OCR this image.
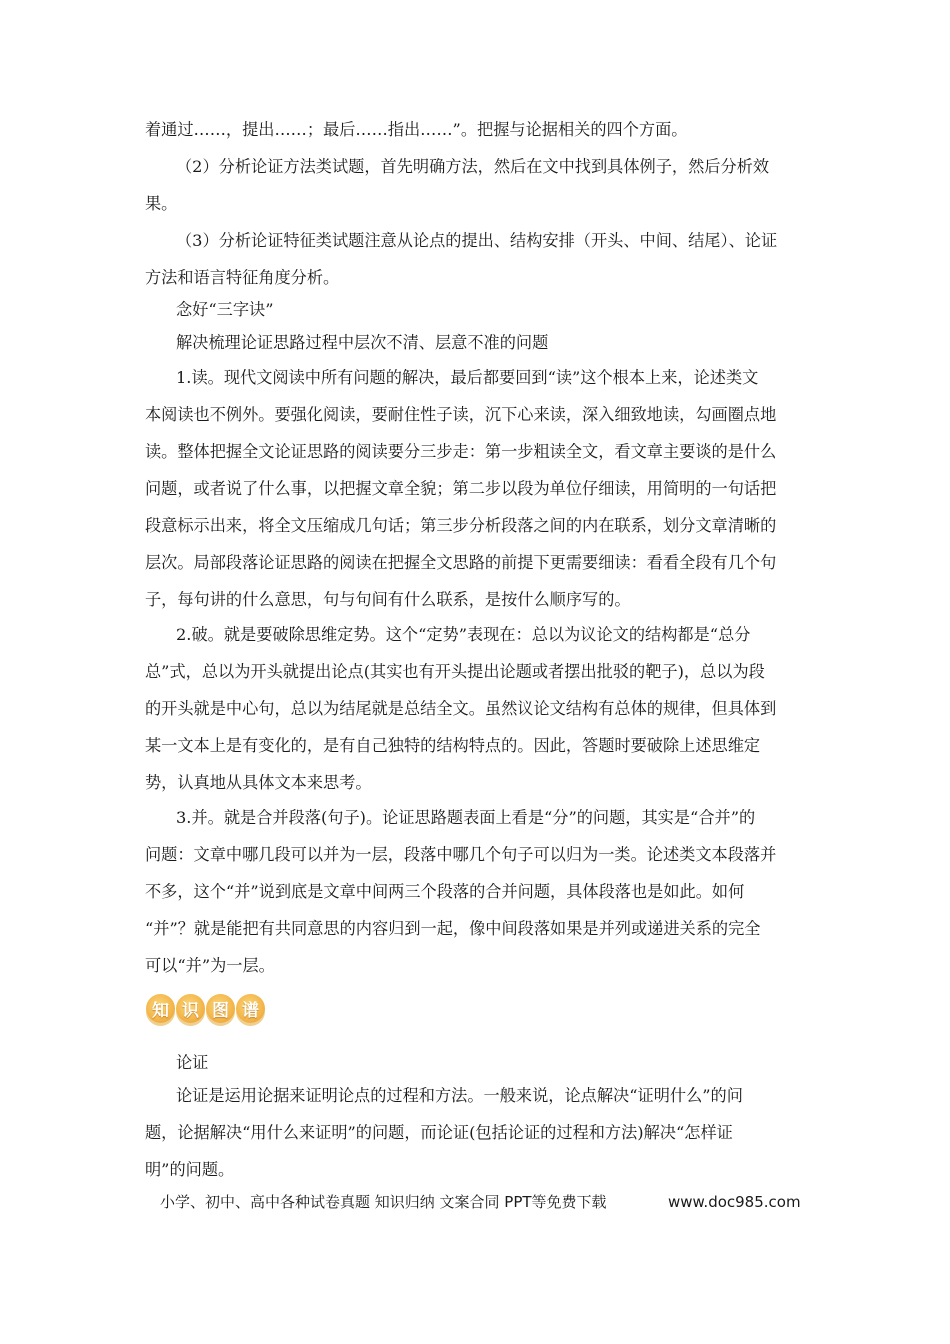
着通过……，提出……；最后……指出……”。把握与论据相关的四个方面。
（2）分析论证方法类试题，首先明确方法，然后在文中找到具体例子，然后分析效
果。
（3）分析论证特征类试题注意从论点的提出、结构安排（开头、中间、结尾）、论证
方法和语言特征角度分析。
念好“三字诀”
解决梳理论证思路过程中层次不清、层意不准的问题
1.读。现代文阅读中所有问题的解决，最后都要回到“读”这个根本上来，论述类文
本阅读也不例外。要强化阅读，要耐住性子读，沉下心来读，深入细致地读，勾画圈点地
读。整体把握全文论证思路的阅读要分三步走：第一步粗读全文，看文章主要谈的是什么
问题，或者说了什么事，以把握文章全貌；第二步以段为单位仔细读，用简明的一句话把
段意标示出来，将全文压缩成几句话；第三步分析段落之间的内在联系，划分文章清晰的
层次。局部段落论证思路的阅读在把握全文思路的前提下更需要细读：看看全段有几个句
子，每句讲的什么意思，句与句间有什么联系，是按什么顺序写的。
2.破。就是要破除思维定势。这个“定势”表现在：总以为议论文的结构都是“总分
总”式，总以为开头就提出论点(其实也有开头提出论题或者摆出批驳的靶子)，总以为段
的开头就是中心句，总以为结尾就是总结全文。虽然议论文结构有总体的规律，但具体到
某一文本上是有变化的，是有自己独特的结构特点的。因此，答题时要破除上述思维定
势，认真地从具体文本来思考。
3.并。就是合并段落(句子)。论证思路题表面上看是“分”的问题，其实是“合并”的
问题：文章中哪几段可以并为一层，段落中哪几个句子可以归为一类。论述类文本段落并
不多，这个“并”说到底是文章中间两三个段落的合并问题，具体段落也是如此。如何
“并”？就是能把有共同意思的内容归到一起，像中间段落如果是并列或递进关系的完全
可以“并”为一层。
知 识 图 谱
论证
论证是运用论据来证明论点的过程和方法。一般来说，论点解决“证明什么”的问
题，论据解决“用什么来证明”的问题，而论证(包括论证的过程和方法)解决“怎样证
明”的问题。
小学、初中、高中各种试卷真题 知识归纳 文案合同 PPT等免费下载	www.doc985.com
